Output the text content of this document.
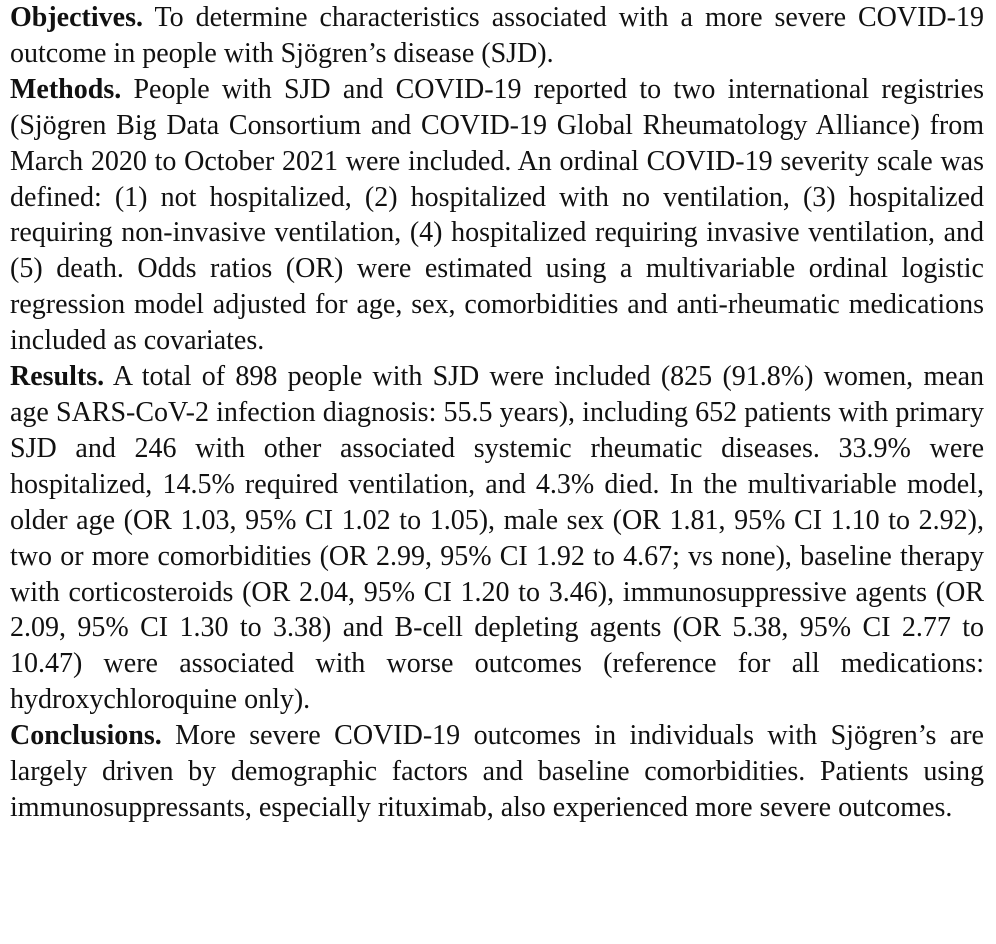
Objectives. To determine characteristics associated with a more severe COVID-19 outcome in people with Sjögren’s disease (SJD).

Methods. People with SJD and COVID-19 reported to two international registries (Sjögren Big Data Consortium and COVID-19 Global Rheumatology Alliance) from March 2020 to October 2021 were included. An ordinal COVID-19 severity scale was defined: (1) not hospitalized, (2) hospitalized with no ventilation, (3) hospitalized requiring non-invasive ventilation, (4) hospitalized requiring invasive ventilation, and (5) death. Odds ratios (OR) were estimated using a multivariable ordinal logistic regression model adjusted for age, sex, comorbidities and anti-rheumatic medications included as covariates.

Results. A total of 898 people with SJD were included (825 (91.8%) women, mean age SARS-CoV-2 infection diagnosis: 55.5 years), including 652 patients with primary SJD and 246 with other associated systemic rheumatic diseases. 33.9% were hospitalized, 14.5% required ventilation, and 4.3% died. In the multivariable model, older age (OR 1.03, 95% CI 1.02 to 1.05), male sex (OR 1.81, 95% CI 1.10 to 2.92), two or more comorbidities (OR 2.99, 95% CI 1.92 to 4.67; vs none), baseline therapy with corticosteroids (OR 2.04, 95% CI 1.20 to 3.46), immunosuppressive agents (OR 2.09, 95% CI 1.30 to 3.38) and B-cell depleting agents (OR 5.38, 95% CI 2.77 to 10.47) were associated with worse outcomes (reference for all medications: hydroxychloroquine only).

Conclusions. More severe COVID-19 outcomes in individuals with Sjögren’s are largely driven by demographic factors and baseline comorbidities. Patients using immunosuppressants, especially rituximab, also experienced more severe outcomes.
